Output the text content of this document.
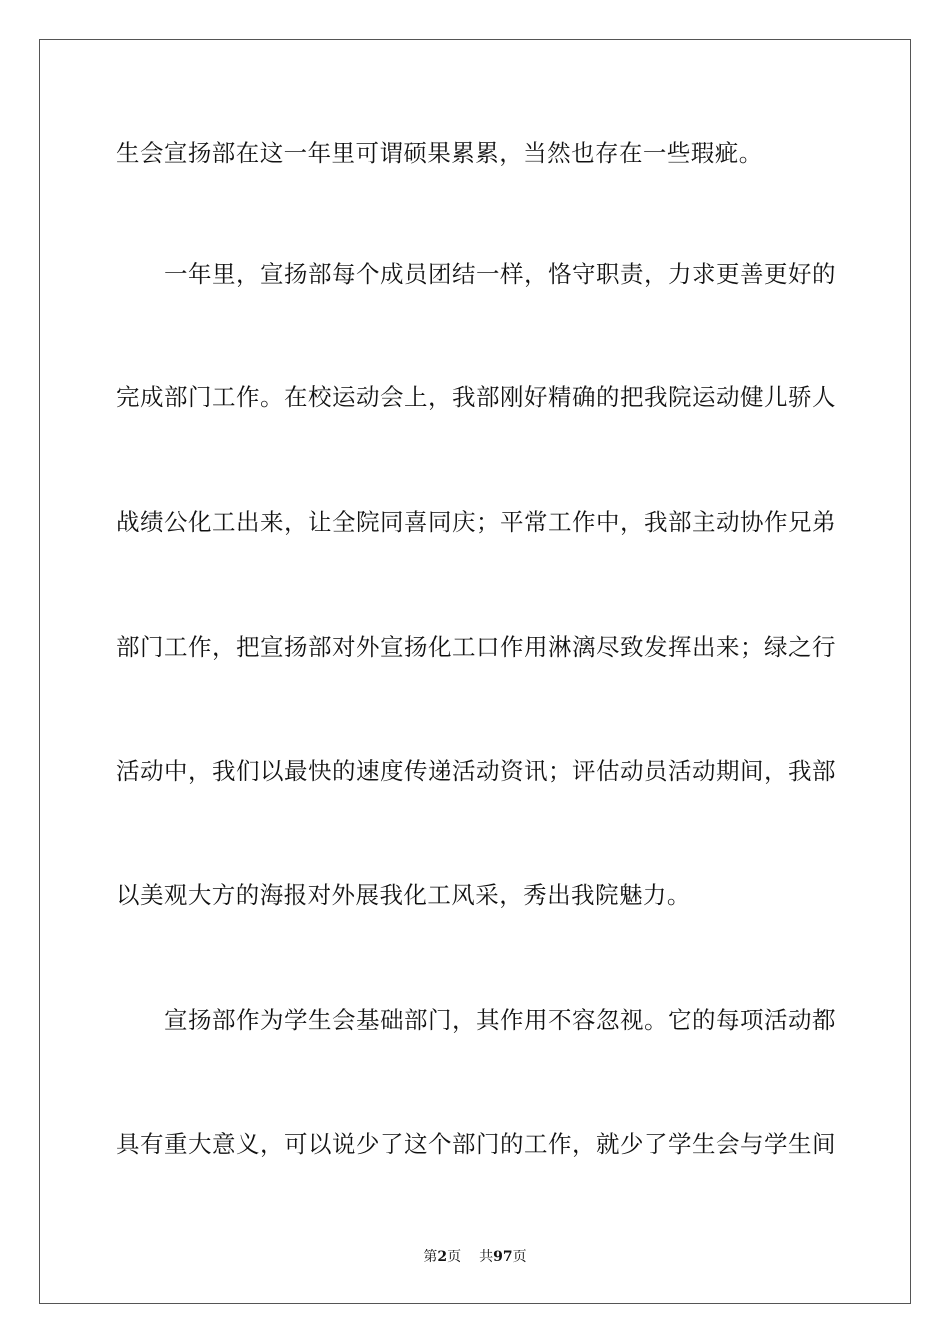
生会宣扬部在这一年里可谓硕果累累，当然也存在一些瑕疵。
一年里，宣扬部每个成员团结一样，恪守职责，力求更善更好的
完成部门工作。在校运动会上，我部刚好精确的把我院运动健儿骄人
战绩公化工出来，让全院同喜同庆；平常工作中，我部主动协作兄弟
部门工作，把宣扬部对外宣扬化工口作用淋漓尽致发挥出来；绿之行
活动中，我们以最快的速度传递活动资讯；评估动员活动期间，我部
以美观大方的海报对外展我化工风采，秀出我院魅力。
宣扬部作为学生会基础部门，其作用不容忽视。它的每项活动都
具有重大意义，可以说少了这个部门的工作，就少了学生会与学生间
第2页 共97页
